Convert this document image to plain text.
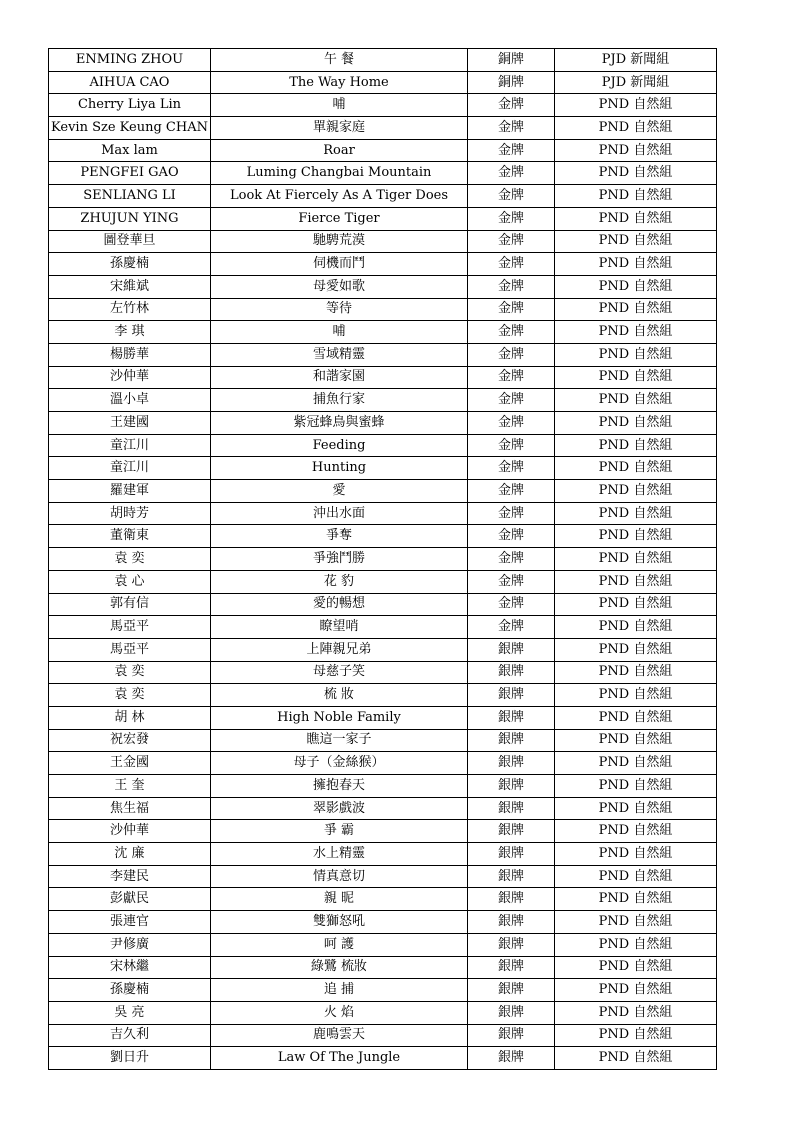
ENMING ZHOU	午 餐	銅牌	PJD 新聞組
AIHUA CAO	The Way Home	銅牌	PJD 新聞組
Cherry Liya Lin	哺	金牌	PND 自然組
Kevin Sze Keung CHAN	單親家庭	金牌	PND 自然組
Max lam	Roar	金牌	PND 自然組
PENGFEI GAO	Luming Changbai Mountain	金牌	PND 自然組
SENLIANG LI	Look At Fiercely As A Tiger Does	金牌	PND 自然組
ZHUJUN YING	Fierce Tiger	金牌	PND 自然組
圖登華旦	馳騁荒漠	金牌	PND 自然組
孫慶楠	伺機而鬥	金牌	PND 自然組
宋維斌	母愛如歌	金牌	PND 自然組
左竹林	等待	金牌	PND 自然組
李 琪	哺	金牌	PND 自然組
楊勝華	雪域精靈	金牌	PND 自然組
沙仲華	和諧家園	金牌	PND 自然組
溫小卓	捕魚行家	金牌	PND 自然組
王建國	紫冠蜂鳥與蜜蜂	金牌	PND 自然組
童江川	Feeding	金牌	PND 自然組
童江川	Hunting	金牌	PND 自然組
羅建軍	愛	金牌	PND 自然組
胡時芳	沖出水面	金牌	PND 自然組
董衛東	爭奪	金牌	PND 自然組
袁 奕	爭強鬥勝	金牌	PND 自然組
袁 心	花 豹	金牌	PND 自然組
郭有信	愛的暢想	金牌	PND 自然組
馬亞平	瞭望哨	金牌	PND 自然組
馬亞平	上陣親兄弟	銀牌	PND 自然組
袁 奕	母慈子笑	銀牌	PND 自然組
袁 奕	梳 妝	銀牌	PND 自然組
胡 林	High Noble Family	銀牌	PND 自然組
祝宏發	瞧這一家子	銀牌	PND 自然組
王金國	母子（金絲猴）	銀牌	PND 自然組
王 奎	擁抱春天	銀牌	PND 自然組
焦生福	翠影戲波	銀牌	PND 自然組
沙仲華	爭 霸	銀牌	PND 自然組
沈 廉	水上精靈	銀牌	PND 自然組
李建民	情真意切	銀牌	PND 自然組
彭獻民	親 昵	銀牌	PND 自然組
張連官	雙獅怒吼	銀牌	PND 自然組
尹修廣	呵 護	銀牌	PND 自然組
宋林繼	綠鷺 梳妝	銀牌	PND 自然組
孫慶楠	追 捕	銀牌	PND 自然組
吳 亮	火 焰	銀牌	PND 自然組
吉久利	鹿鳴雲天	銀牌	PND 自然組
劉日升	Law Of The Jungle	銀牌	PND 自然組
